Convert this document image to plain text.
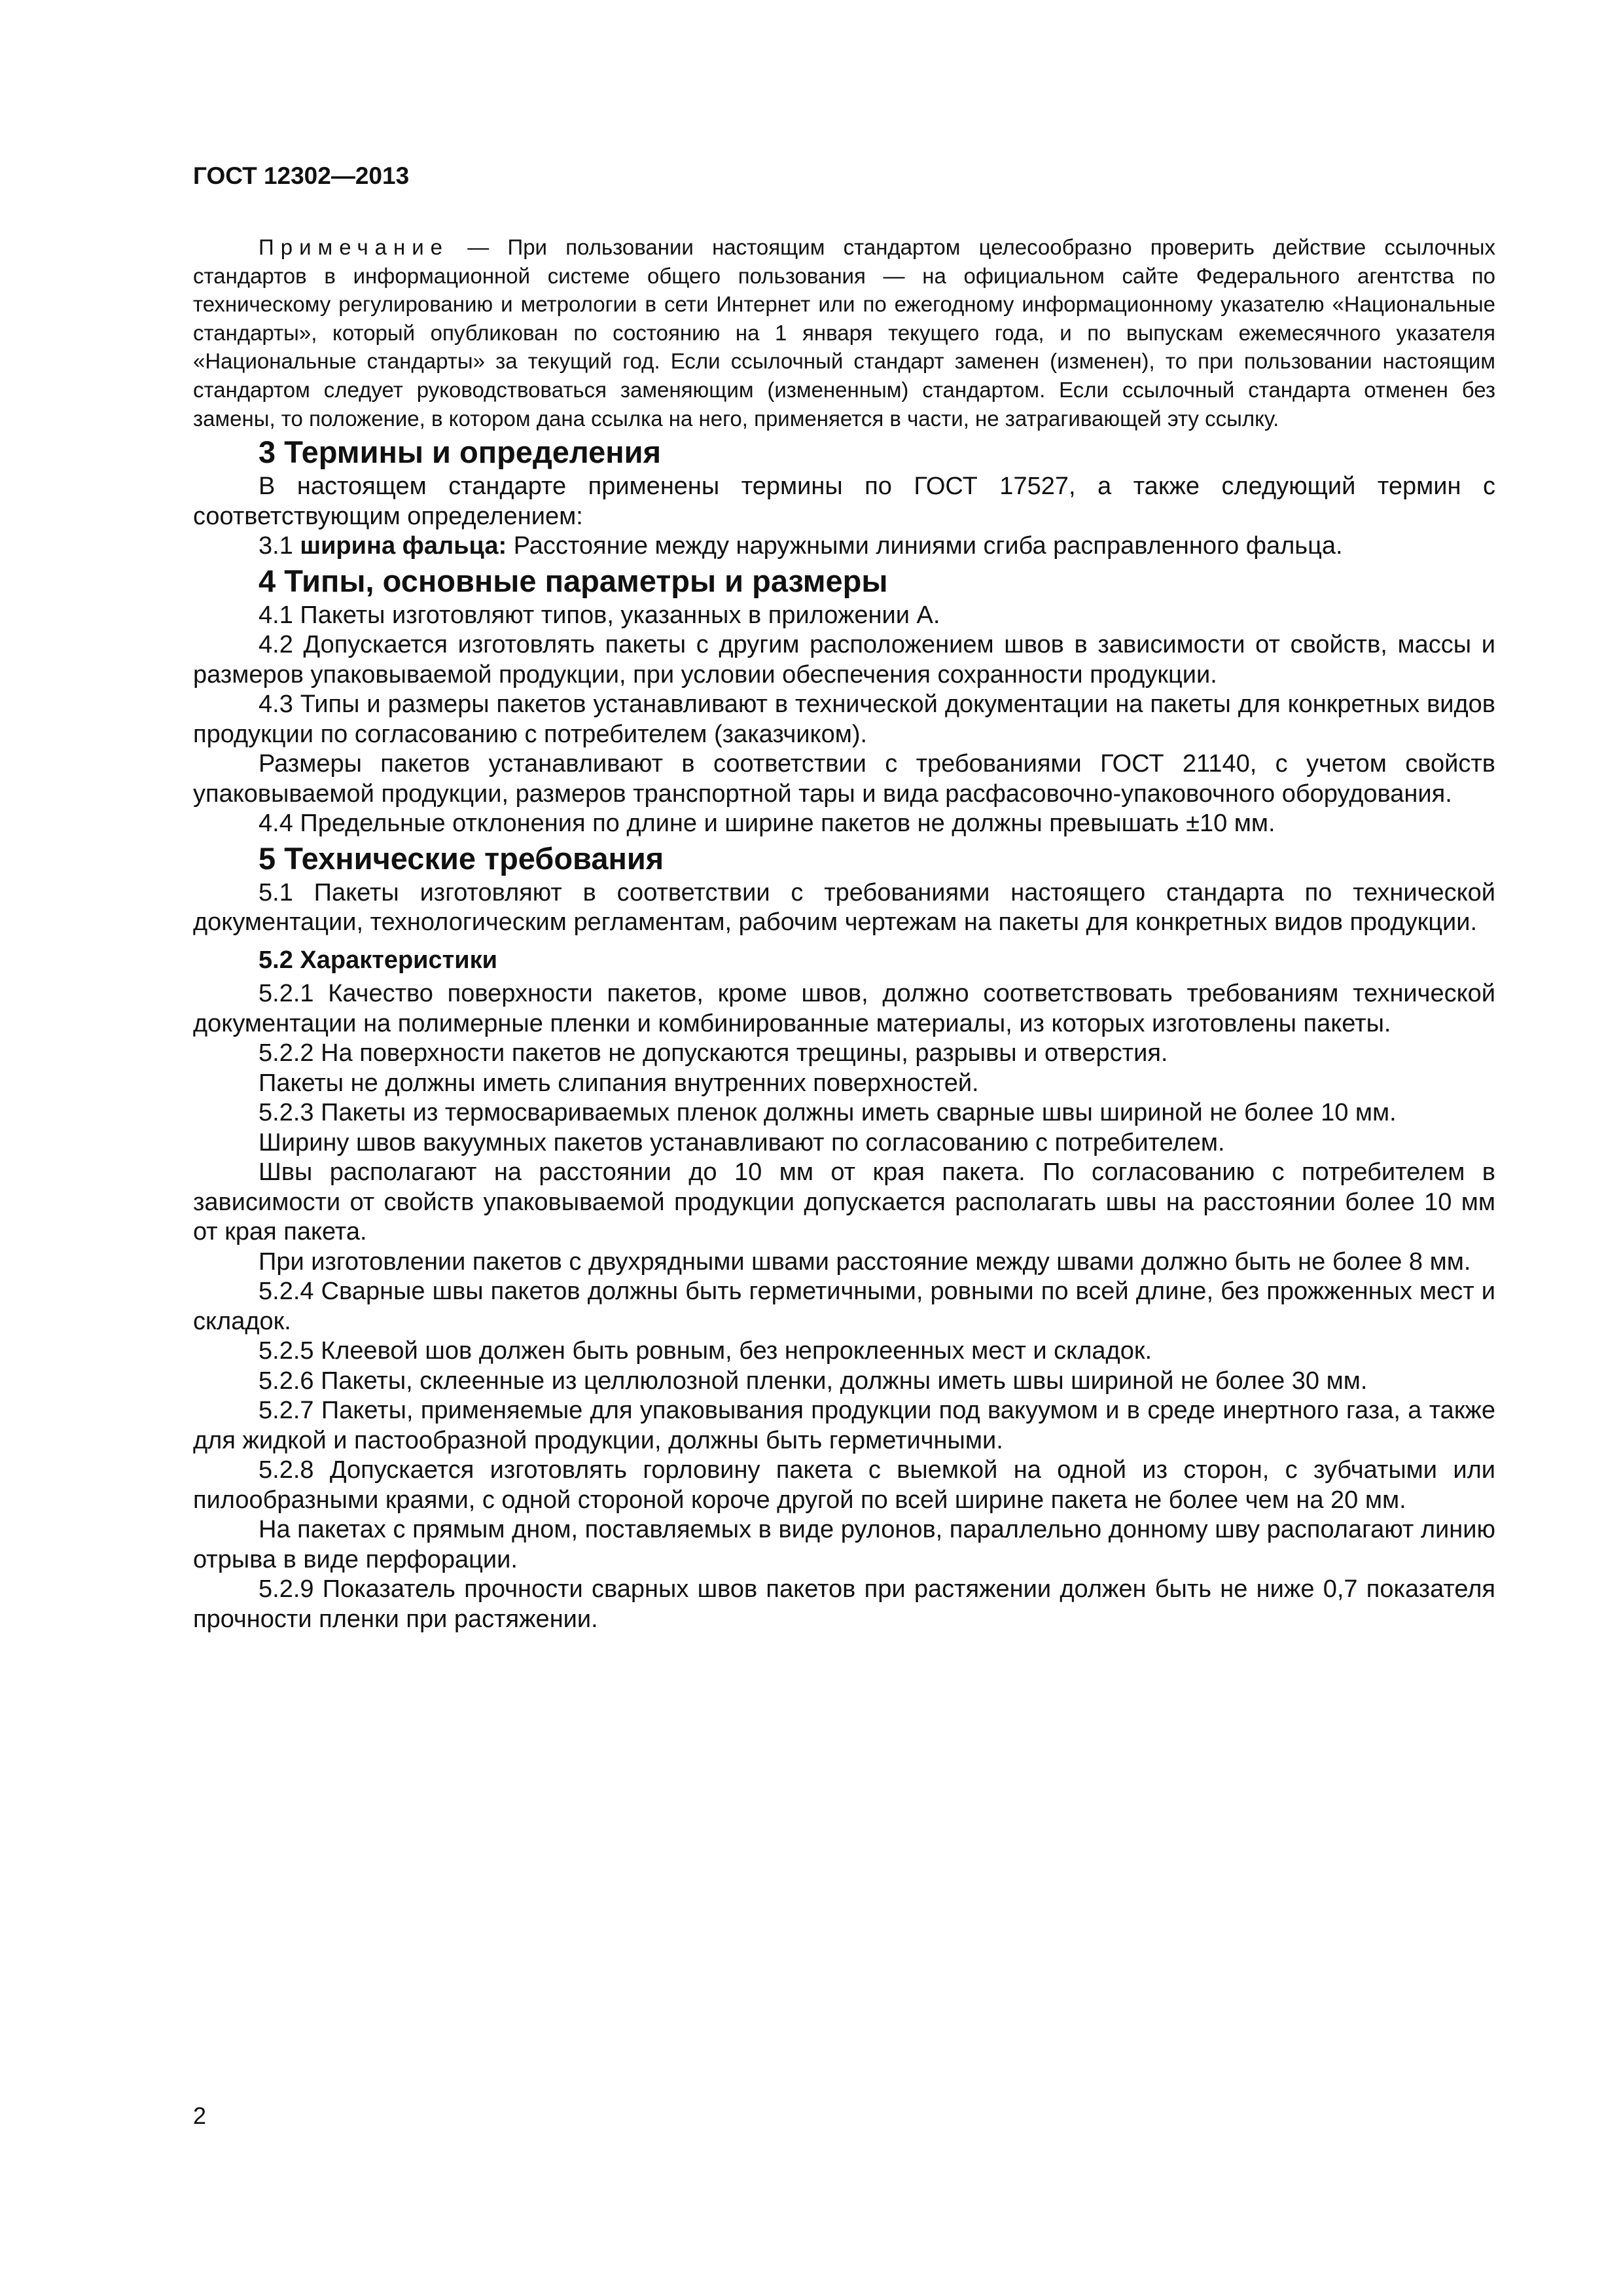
ГОСТ 12302—2013

Примечание — При пользовании настоящим стандартом целесообразно проверить действие ссылочных стандартов в информационной системе общего пользования — на официальном сайте Федерального агентства по техническому регулированию и метрологии в сети Интернет или по ежегодному информационному указателю «Национальные стандарты», который опубликован по состоянию на 1 января текущего года, и по выпускам ежемесячного указателя «Национальные стандарты» за текущий год. Если ссылочный стандарт заменен (изменен), то при пользовании настоящим стандартом следует руководствоваться заменяющим (измененным) стандартом. Если ссылочный стандарта отменен без замены, то положение, в котором дана ссылка на него, применяется в части, не затрагивающей эту ссылку.

3 Термины и определения

В настоящем стандарте применены термины по ГОСТ 17527, а также следующий термин с соответствующим определением:

3.1 ширина фальца: Расстояние между наружными линиями сгиба расправленного фальца.

4 Типы, основные параметры и размеры

4.1 Пакеты изготовляют типов, указанных в приложении А.

4.2 Допускается изготовлять пакеты с другим расположением швов в зависимости от свойств, массы и размеров упаковываемой продукции, при условии обеспечения сохранности продукции.

4.3 Типы и размеры пакетов устанавливают в технической документации на пакеты для конкретных видов продукции по согласованию с потребителем (заказчиком).

Размеры пакетов устанавливают в соответствии с требованиями ГОСТ 21140, с учетом свойств упаковываемой продукции, размеров транспортной тары и вида расфасовочно-упаковочного оборудования.

4.4 Предельные отклонения по длине и ширине пакетов не должны превышать ±10 мм.

5 Технические требования

5.1 Пакеты изготовляют в соответствии с требованиями настоящего стандарта по технической документации, технологическим регламентам, рабочим чертежам на пакеты для конкретных видов продукции.

5.2 Характеристики

5.2.1 Качество поверхности пакетов, кроме швов, должно соответствовать требованиям технической документации на полимерные пленки и комбинированные материалы, из которых изготовлены пакеты.

5.2.2 На поверхности пакетов не допускаются трещины, разрывы и отверстия.

Пакеты не должны иметь слипания внутренних поверхностей.

5.2.3 Пакеты из термосвариваемых пленок должны иметь сварные швы шириной не более 10 мм.

Ширину швов вакуумных пакетов устанавливают по согласованию с потребителем.

Швы располагают на расстоянии до 10 мм от края пакета. По согласованию с потребителем в зависимости от свойств упаковываемой продукции допускается располагать швы на расстоянии более 10 мм от края пакета.

При изготовлении пакетов с двухрядными швами расстояние между швами должно быть не более 8 мм.

5.2.4 Сварные швы пакетов должны быть герметичными, ровными по всей длине, без прожженных мест и складок.

5.2.5 Клеевой шов должен быть ровным, без непроклеенных мест и складок.

5.2.6 Пакеты, склеенные из целлюлозной пленки, должны иметь швы шириной не более 30 мм.

5.2.7 Пакеты, применяемые для упаковывания продукции под вакуумом и в среде инертного газа, а также для жидкой и пастообразной продукции, должны быть герметичными.

5.2.8 Допускается изготовлять горловину пакета с выемкой на одной из сторон, с зубчатыми или пилообразными краями, с одной стороной короче другой по всей ширине пакета не более чем на 20 мм.

На пакетах с прямым дном, поставляемых в виде рулонов, параллельно донному шву располагают линию отрыва в виде перфорации.

5.2.9 Показатель прочности сварных швов пакетов при растяжении должен быть не ниже 0,7 показателя прочности пленки при растяжении.

2
